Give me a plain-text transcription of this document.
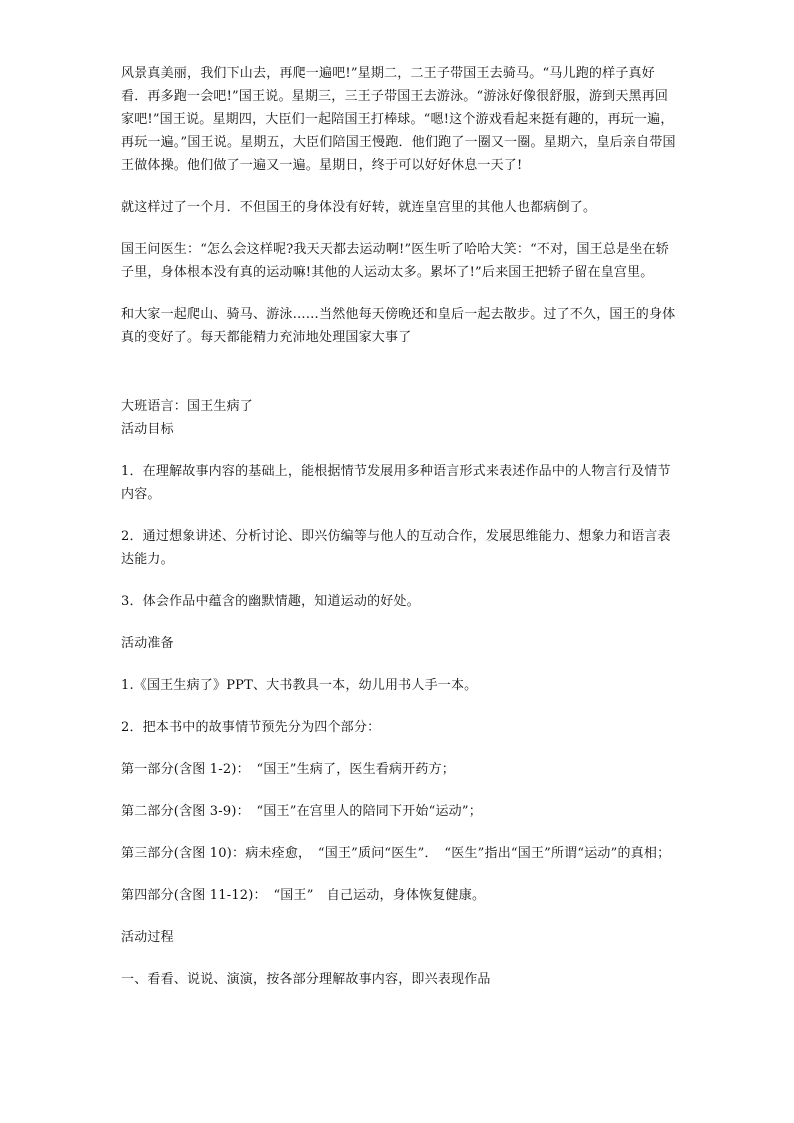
风景真美丽，我们下山去，再爬一遍吧!”星期二，二王子带国王去骑马。“马儿跑的样子真好看．再多跑一会吧!”国王说。星期三，三王子带国王去游泳。“游泳好像很舒服，游到天黑再回家吧!”国王说。星期四，大臣们一起陪国王打棒球。“嗯!这个游戏看起来挺有趣的，再玩一遍，再玩一遍。”国王说。星期五，大臣们陪国王慢跑．他们跑了一圈又一圈。星期六，皇后亲自带国王做体操。他们做了一遍又一遍。星期日，终于可以好好休息一天了!

就这样过了一个月．不但国王的身体没有好转，就连皇宫里的其他人也都病倒了。

国王问医生：“怎么会这样呢?我天天都去运动啊!”医生听了哈哈大笑：“不对，国王总是坐在轿子里，身体根本没有真的运动嘛!其他的人运动太多。累坏了!”后来国王把轿子留在皇宫里。

和大家一起爬山、骑马、游泳……当然他每天傍晚还和皇后一起去散步。过了不久，国王的身体真的变好了。每天都能精力充沛地处理国家大事了

大班语言：国王生病了

活动目标

1．在理解故事内容的基础上，能根据情节发展用多种语言形式来表述作品中的人物言行及情节内容。

2．通过想象讲述、分析讨论、即兴仿编等与他人的互动合作，发展思维能力、想象力和语言表达能力。

3．体会作品中蕴含的幽默情趣，知道运动的好处。

活动准备

1.《国王生病了》PPT、大书教具一本，幼儿用书人手一本。

2．把本书中的故事情节预先分为四个部分：

第一部分(含图 1-2)：　“国王”生病了，医生看病开药方；

第二部分(含图 3-9)：　“国王”在宫里人的陪同下开始“运动”；

第三部分(含图 10)：病未痊愈，　“国王”质问“医生”．　“医生”指出“国王”所谓“运动”的真相；

第四部分(含图 11-12)：　“国王”　自己运动，身体恢复健康。

活动过程

一、看看、说说、演演，按各部分理解故事内容，即兴表现作品
